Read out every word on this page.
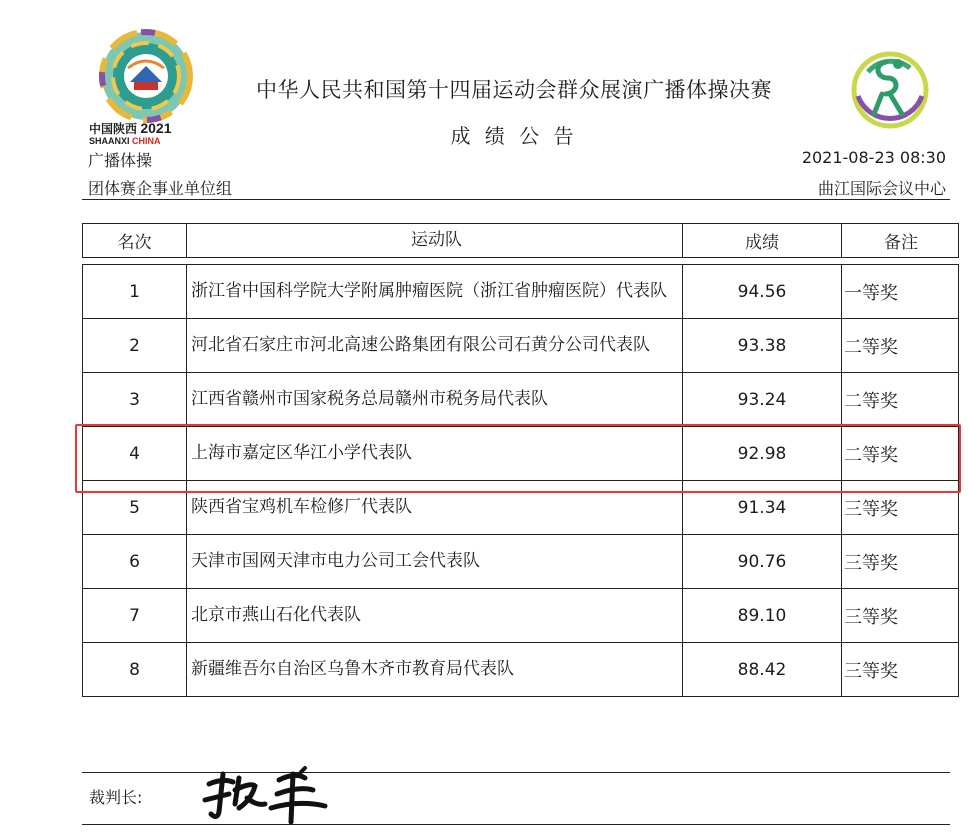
中国陕西 2021
SHAANXI CHINA
中华人民共和国第十四届运动会群众展演广播体操决赛
成 绩 公 告
广播体操
团体赛企事业单位组
2021-08-23 08:30
曲江国际会议中心
名次	运动队	成绩	备注

1	浙江省中国科学院大学附属肿瘤医院（浙江省肿瘤医院）代表队	94.56	一等奖
2	河北省石家庄市河北高速公路集团有限公司石黄分公司代表队	93.38	二等奖
3	江西省赣州市国家税务总局赣州市税务局代表队	93.24	二等奖
4	上海市嘉定区华江小学代表队	92.98	二等奖
5	陕西省宝鸡机车检修厂代表队	91.34	三等奖
6	天津市国网天津市电力公司工会代表队	90.76	三等奖
7	北京市燕山石化代表队	89.10	三等奖
8	新疆维吾尔自治区乌鲁木齐市教育局代表队	88.42	三等奖
裁判长:
